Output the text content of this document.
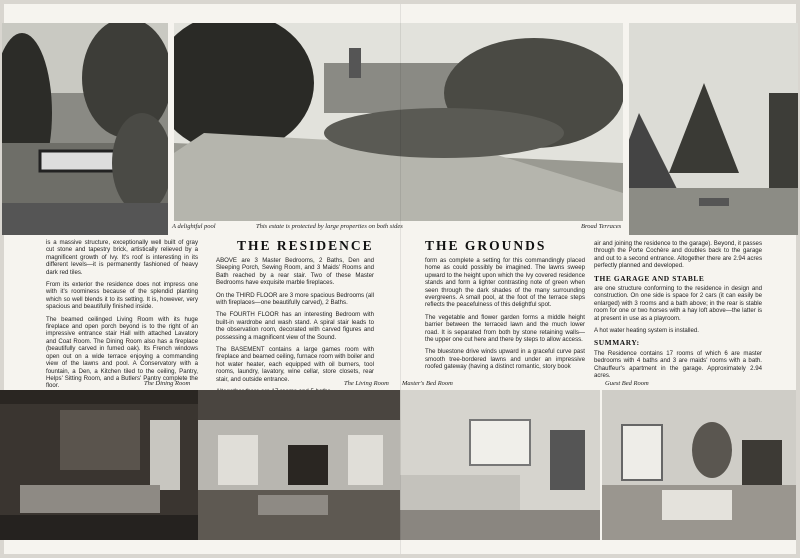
A delightful pool	This estate is protected by large properties on both sides	Broad Terraces
THE RESIDENCE	THE GROUNDS

is a massive structure, exceptionally well built of gray cut stone and tapestry brick, artistically relieved by a magnificent growth of Ivy. It's roof is interesting in its different levels—it is permanently fashioned of heavy dark red tiles.

From its exterior the residence does not impress one with it's roominess because of the splendid planting which so well blends it to its setting. It is, however, very spacious and beautifully finished inside.

The beamed ceilinged Living Room with its huge fireplace and open porch beyond is to the right of an impressive entrance stair Hall with attached Lavatory and Coat Room. The Dining Room also has a fireplace (beautifully carved in fumed oak). Its French windows open out on a wide terrace enjoying a commanding view of the lawns and pool. A Conservatory with a fountain, a Den, a Kitchen tiled to the ceiling, Pantry, Helps' Sitting Room, and a Butlers' Pantry complete the floor.

ABOVE are 3 Master Bedrooms, 2 Baths, Den and Sleeping Porch, Sewing Room, and 3 Maids' Rooms and Bath reached by a rear stair. Two of these Master Bedrooms have exquisite marble fireplaces.

On the THIRD FLOOR are 3 more spacious Bedrooms (all with fireplaces—one beautifully carved), 2 Baths.

The FOURTH FLOOR has an interesting Bedroom with built-in wardrobe and wash stand. A spiral stair leads to the observation room, decorated with carved figures and possessing a magnificent view of the Sound.

The BASEMENT contains a large games room with fireplace and beamed ceiling, furnace room with boiler and hot water heater, each equipped with oil burners, tool rooms, laundry, lavatory, wine cellar, store closets, rear stair, and outside entrance.

form as complete a setting for this commandingly placed home as could possibly be imagined. The lawns sweep upward to the height upon which the Ivy covered residence stands and form a lighter contrasting note of green when seen through the dark shades of the many surrounding evergreens. A small pool, at the foot of the terrace steps reflects the peacefulness of this delightful spot.

The vegetable and flower garden forms a middle height barrier between the terraced lawn and the much lower road. It is separated from both by stone retaining walls—the upper one cut here and there by steps to allow access.

The bluestone drive winds upward in a graceful curve past smooth tree-bordered lawns and under an impressive roofed gateway (having a distinct romantic, story book

air and joining the residence to the garage). Beyond, it passes through the Porte Cochère and doubles back to the garage and out to a second entrance. Altogether there are 2.94 acres perfectly planned and developed.

THE GARAGE AND STABLE

are one structure conforming to the residence in design and construction. On one side is space for 2 cars (it can easily be enlarged) with 3 rooms and a bath above; in the rear is stable room for one or two horses with a hay loft above—the latter is at present in use as a playroom.

A hot water heating system is installed.

SUMMARY:

The Residence contains 17 rooms of which 6 are master bedrooms with 4 baths and 3 are maids' rooms with a bath. Chauffeur's apartment in the garage. Approximately 2.94 acres.

The Dining Room	The Living Room Master's Bed Room	Guest Bed Room
